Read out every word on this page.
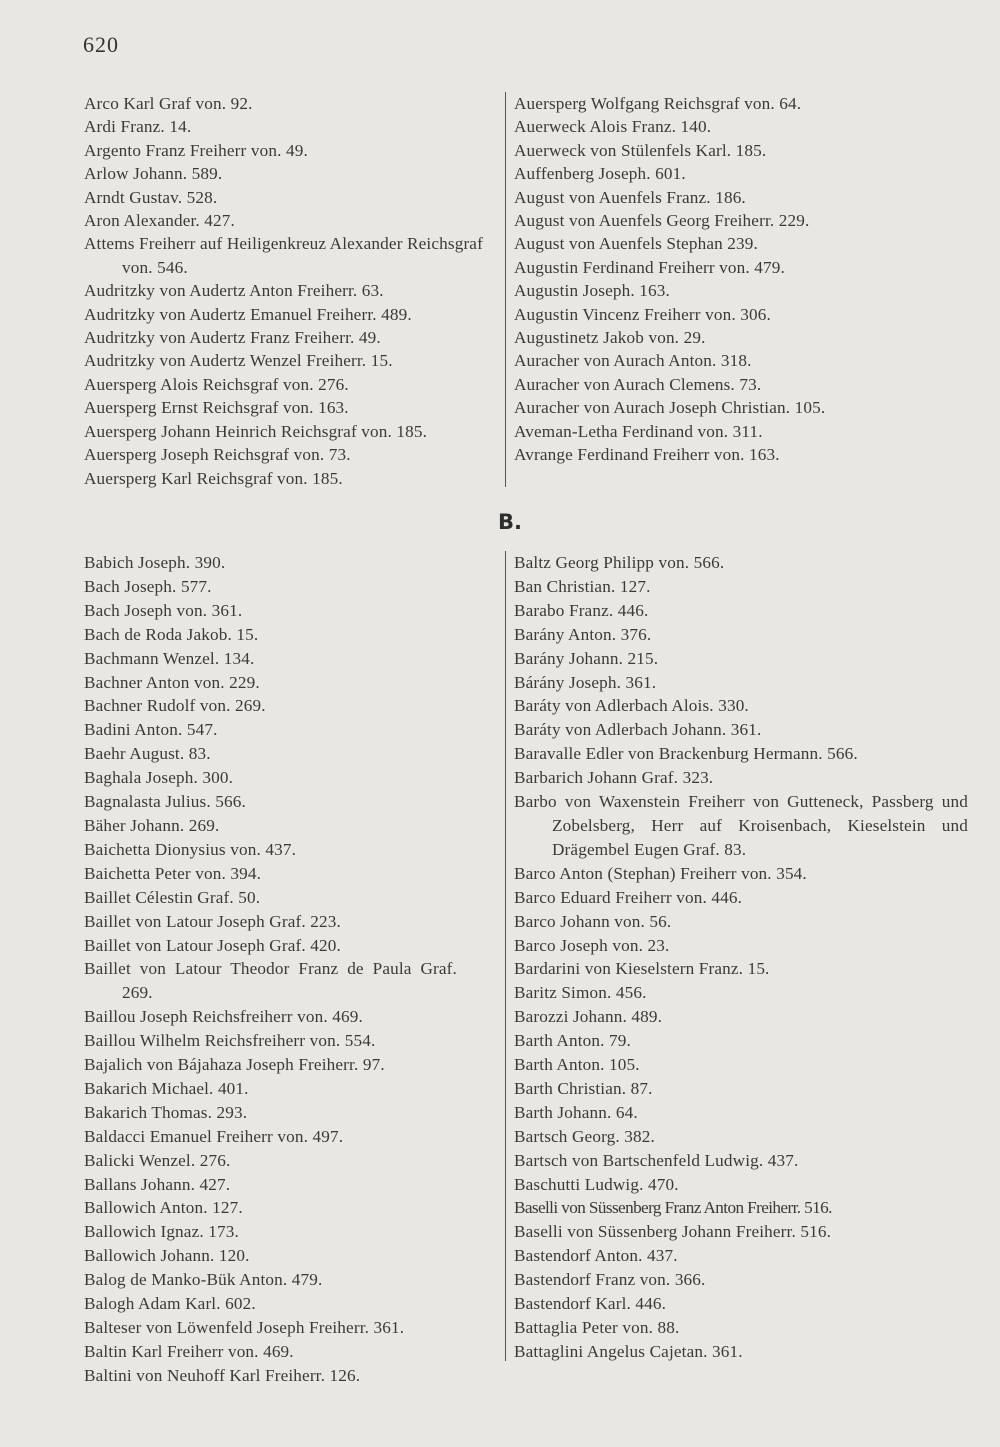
620
Arco Karl Graf von. 92.
Ardi Franz. 14.
Argento Franz Freiherr von. 49.
Arlow Johann. 589.
Arndt Gustav. 528.
Aron Alexander. 427.
Attems Freiherr auf Heiligenkreuz Alexander Reichsgraf von. 546.
Audritzky von Audertz Anton Freiherr. 63.
Audritzky von Audertz Emanuel Freiherr. 489.
Audritzky von Audertz Franz Freiherr. 49.
Audritzky von Audertz Wenzel Freiherr. 15.
Auersperg Alois Reichsgraf von. 276.
Auersperg Ernst Reichsgraf von. 163.
Auersperg Johann Heinrich Reichsgraf von. 185.
Auersperg Joseph Reichsgraf von. 73.
Auersperg Karl Reichsgraf von. 185.
Auersperg Wolfgang Reichsgraf von. 64.
Auerweck Alois Franz. 140.
Auerweck von Stülenfels Karl. 185.
Auffenberg Joseph. 601.
August von Auenfels Franz. 186.
August von Auenfels Georg Freiherr. 229.
August von Auenfels Stephan 239.
Augustin Ferdinand Freiherr von. 479.
Augustin Joseph. 163.
Augustin Vincenz Freiherr von. 306.
Augustinetz Jakob von. 29.
Auracher von Aurach Anton. 318.
Auracher von Aurach Clemens. 73.
Auracher von Aurach Joseph Christian. 105.
Aveman-Letha Ferdinand von. 311.
Avrange Ferdinand Freiherr von. 163.
B.
Babich Joseph. 390.
Bach Joseph. 577.
Bach Joseph von. 361.
Bach de Roda Jakob. 15.
Bachmann Wenzel. 134.
Bachner Anton von. 229.
Bachner Rudolf von. 269.
Badini Anton. 547.
Baehr August. 83.
Baghala Joseph. 300.
Bagnalasta Julius. 566.
Bäher Johann. 269.
Baichetta Dionysius von. 437.
Baichetta Peter von. 394.
Baillet Célestin Graf. 50.
Baillet von Latour Joseph Graf. 223.
Baillet von Latour Joseph Graf. 420.
Baillet von Latour Theodor Franz de Paula Graf. 269.
Baillou Joseph Reichsfreiherr von. 469.
Baillou Wilhelm Reichsfreiherr von. 554.
Bajalich von Bájahaza Joseph Freiherr. 97.
Bakarich Michael. 401.
Bakarich Thomas. 293.
Baldacci Emanuel Freiherr von. 497.
Balicki Wenzel. 276.
Ballans Johann. 427.
Ballowich Anton. 127.
Ballowich Ignaz. 173.
Ballowich Johann. 120.
Balog de Manko-Bük Anton. 479.
Balogh Adam Karl. 602.
Balteser von Löwenfeld Joseph Freiherr. 361.
Baltin Karl Freiherr von. 469.
Baltini von Neuhoff Karl Freiherr. 126.
Baltz Georg Philipp von. 566.
Ban Christian. 127.
Barabo Franz. 446.
Barány Anton. 376.
Barány Johann. 215.
Bárány Joseph. 361.
Baráty von Adlerbach Alois. 330.
Baráty von Adlerbach Johann. 361.
Baravalle Edler von Brackenburg Hermann. 566.
Barbarich Johann Graf. 323.
Barbo von Waxenstein Freiherr von Gutteneck, Passberg und Zobelsberg, Herr auf Kroisenbach, Kieselstein und Drägembel Eugen Graf. 83.
Barco Anton (Stephan) Freiherr von. 354.
Barco Eduard Freiherr von. 446.
Barco Johann von. 56.
Barco Joseph von. 23.
Bardarini von Kieselstern Franz. 15.
Baritz Simon. 456.
Barozzi Johann. 489.
Barth Anton. 79.
Barth Anton. 105.
Barth Christian. 87.
Barth Johann. 64.
Bartsch Georg. 382.
Bartsch von Bartschenfeld Ludwig. 437.
Baschutti Ludwig. 470.
Baselli von Süssenberg Franz Anton Freiherr. 516.
Baselli von Süssenberg Johann Freiherr. 516.
Bastendorf Anton. 437.
Bastendorf Franz von. 366.
Bastendorf Karl. 446.
Battaglia Peter von. 88.
Battaglini Angelus Cajetan. 361.
